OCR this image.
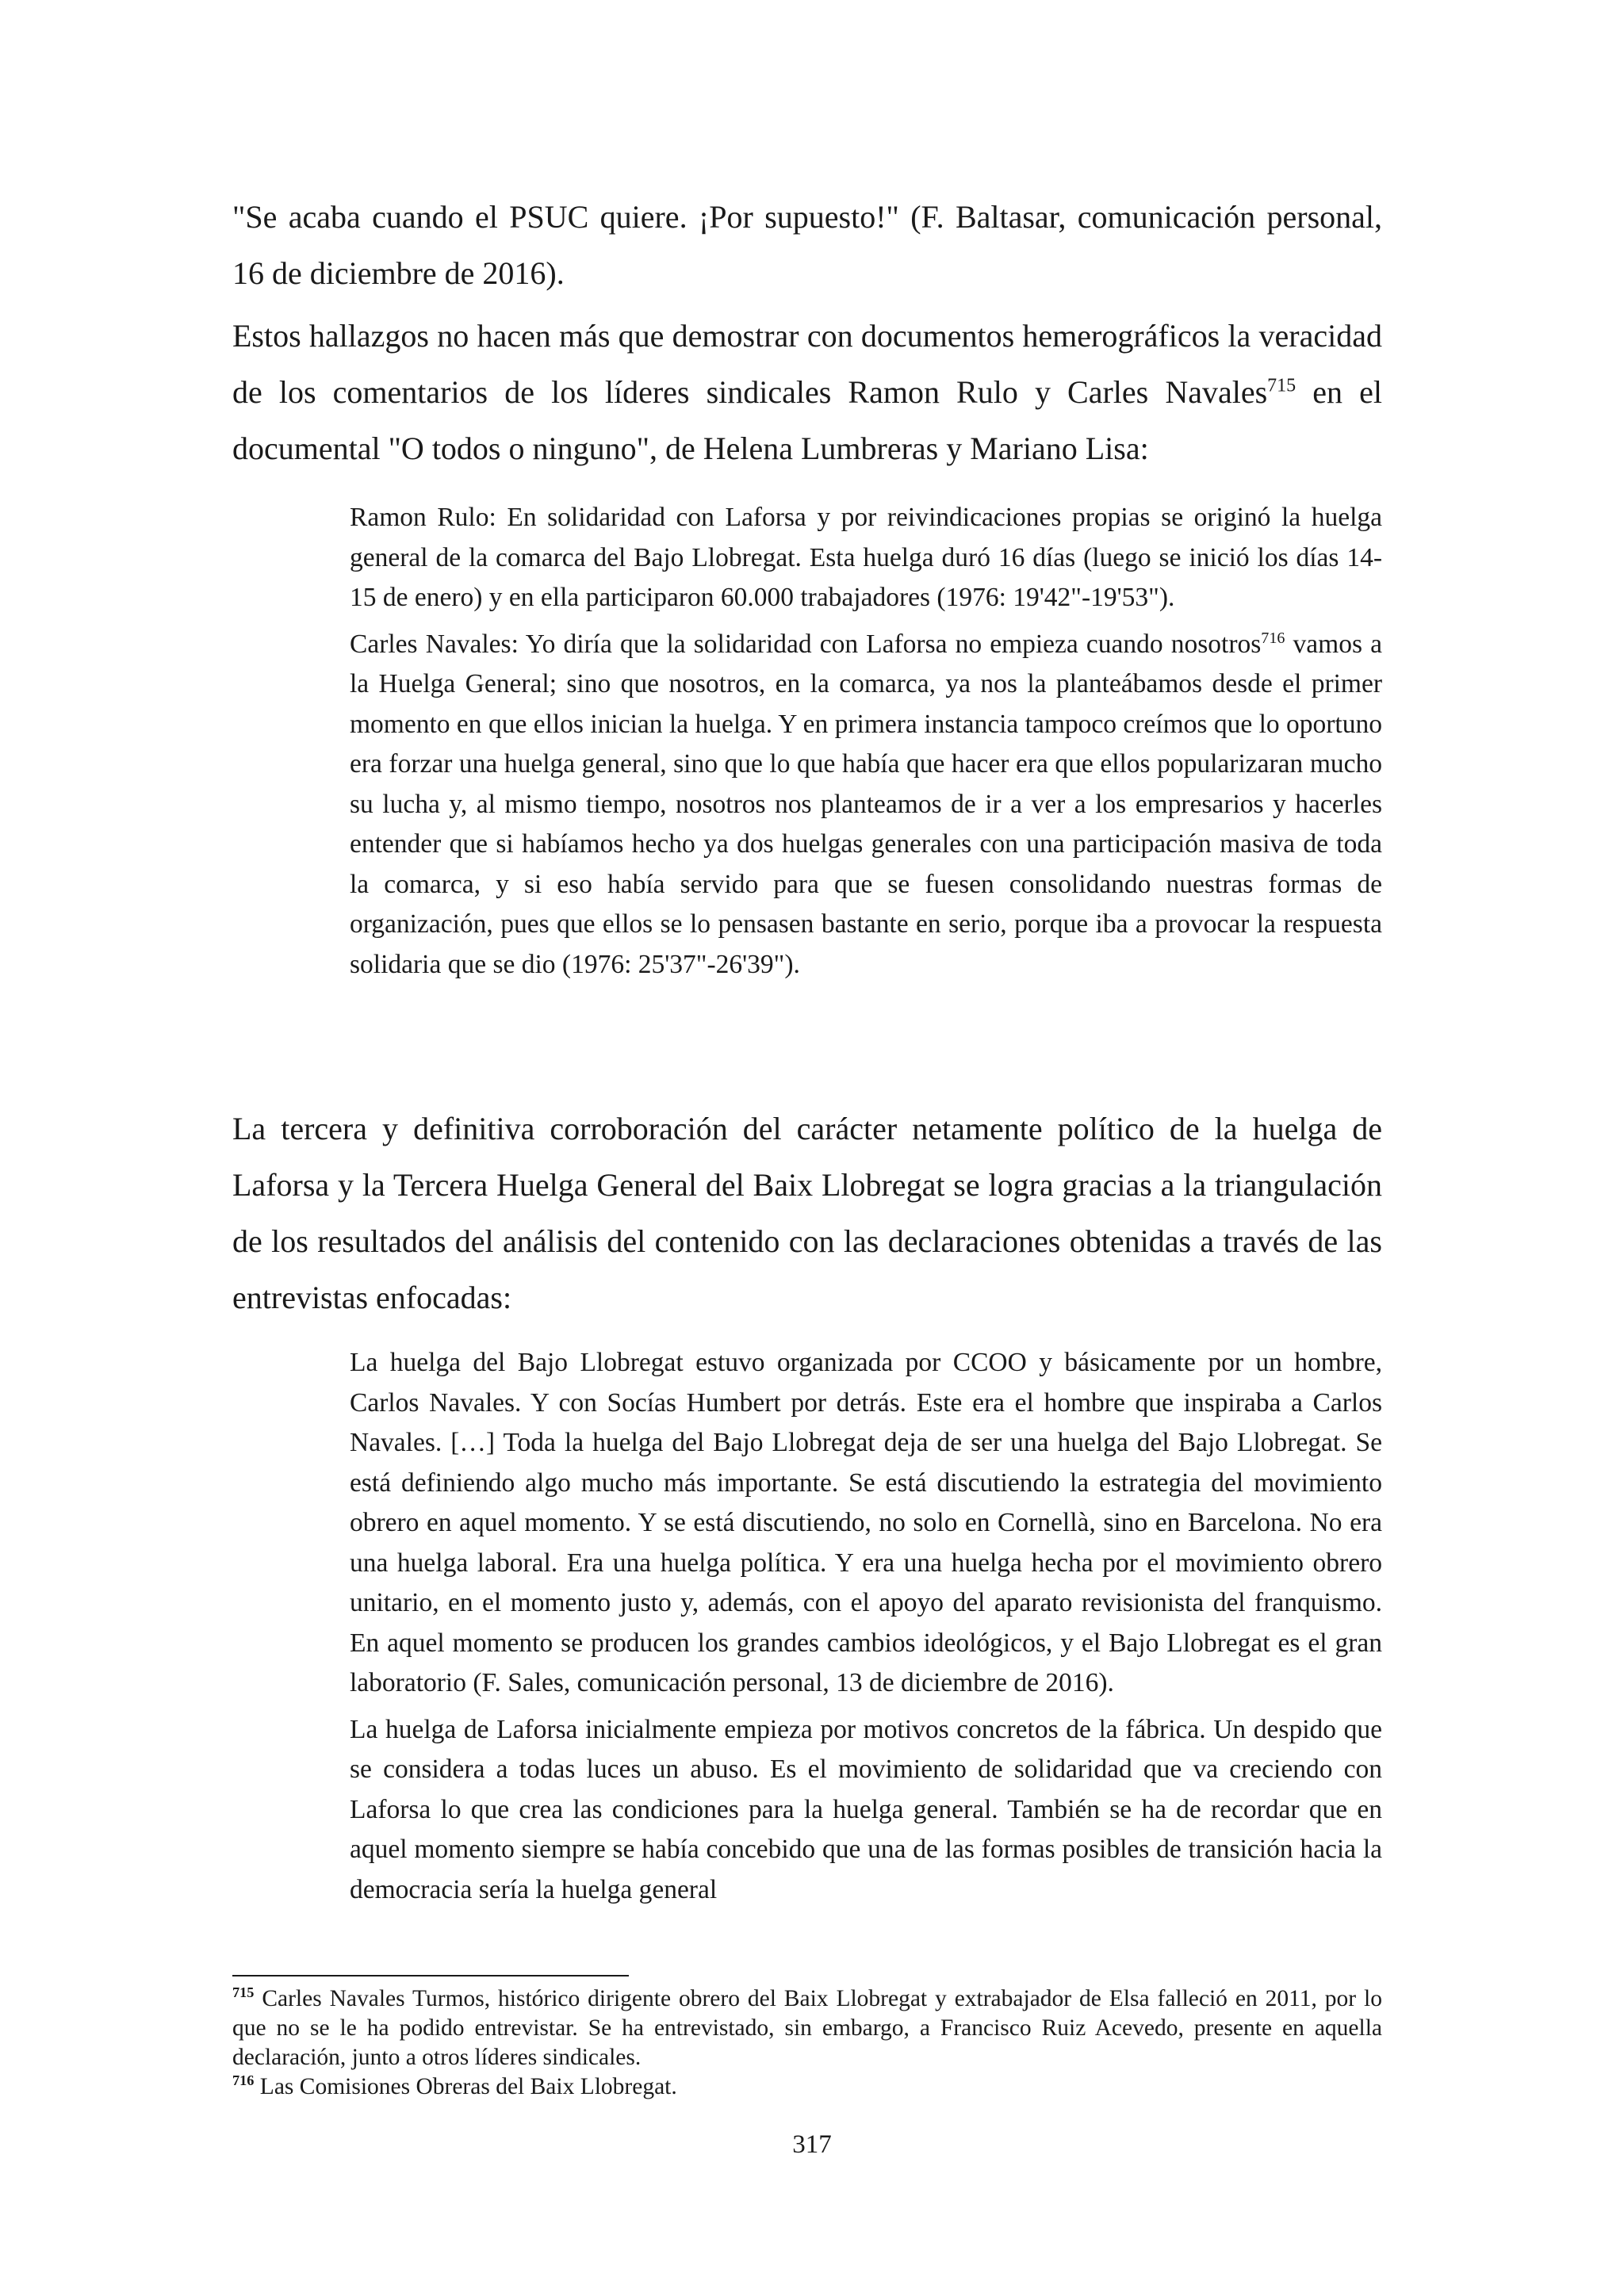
"Se acaba cuando el PSUC quiere. ¡Por supuesto!" (F. Baltasar, comunicación personal, 16 de diciembre de 2016).

Estos hallazgos no hacen más que demostrar con documentos hemerográficos la veracidad de los comentarios de los líderes sindicales Ramon Rulo y Carles Navales$^{715}$ en el documental "O todos o ninguno", de Helena Lumbreras y Mariano Lisa:

Ramon Rulo: En solidaridad con Laforsa y por reivindicaciones propias se originó la huelga general de la comarca del Bajo Llobregat. Esta huelga duró 16 días (luego se inició los días 14-15 de enero) y en ella participaron 60.000 trabajadores (1976: 19'42"-19'53").

Carles Navales: Yo diría que la solidaridad con Laforsa no empieza cuando nosotros$^{716}$ vamos a la Huelga General; sino que nosotros, en la comarca, ya nos la planteábamos desde el primer momento en que ellos inician la huelga. Y en primera instancia tampoco creímos que lo oportuno era forzar una huelga general, sino que lo que había que hacer era que ellos popularizaran mucho su lucha y, al mismo tiempo, nosotros nos planteamos de ir a ver a los empresarios y hacerles entender que si habíamos hecho ya dos huelgas generales con una participación masiva de toda la comarca, y si eso había servido para que se fuesen consolidando nuestras formas de organización, pues que ellos se lo pensasen bastante en serio, porque iba a provocar la respuesta solidaria que se dio (1976: 25'37"-26'39").

La tercera y definitiva corroboración del carácter netamente político de la huelga de Laforsa y la Tercera Huelga General del Baix Llobregat se logra gracias a la triangulación de los resultados del análisis del contenido con las declaraciones obtenidas a través de las entrevistas enfocadas:

La huelga del Bajo Llobregat estuvo organizada por CCOO y básicamente por un hombre, Carlos Navales. Y con Socías Humbert por detrás. Este era el hombre que inspiraba a Carlos Navales. […] Toda la huelga del Bajo Llobregat deja de ser una huelga del Bajo Llobregat. Se está definiendo algo mucho más importante. Se está discutiendo la estrategia del movimiento obrero en aquel momento. Y se está discutiendo, no solo en Cornellà, sino en Barcelona. No era una huelga laboral. Era una huelga política. Y era una huelga hecha por el movimiento obrero unitario, en el momento justo y, además, con el apoyo del aparato revisionista del franquismo. En aquel momento se producen los grandes cambios ideológicos, y el Bajo Llobregat es el gran laboratorio (F. Sales, comunicación personal, 13 de diciembre de 2016).

La huelga de Laforsa inicialmente empieza por motivos concretos de la fábrica. Un despido que se considera a todas luces un abuso. Es el movimiento de solidaridad que va creciendo con Laforsa lo que crea las condiciones para la huelga general. También se ha de recordar que en aquel momento siempre se había concebido que una de las formas posibles de transición hacia la democracia sería la huelga general

$^{715}$ Carles Navales Turmos, histórico dirigente obrero del Baix Llobregat y extrabajador de Elsa falleció en 2011, por lo que no se le ha podido entrevistar. Se ha entrevistado, sin embargo, a Francisco Ruiz Acevedo, presente en aquella declaración, junto a otros líderes sindicales.

$^{716}$ Las Comisiones Obreras del Baix Llobregat.

317
